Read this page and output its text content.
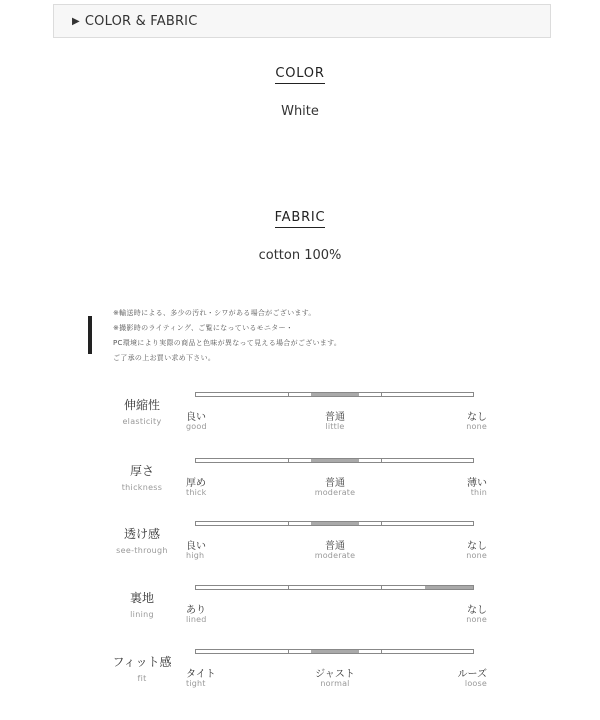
▶ COLOR & FABRIC
COLOR
White
FABRIC
cotton 100%
※輸送時による、多少の汚れ・シワがある場合がございます。
※撮影時のライティング、ご覧になっているモニター・
PC環境により実際の商品と色味が異なって見える場合がございます。
ご了承の上お買い求め下さい。
伸縮性
elasticity	良い
good
普通
little
なし
none
厚さ
thickness	厚め
thick
普通
moderate
薄い
thin
透け感
see-through	良い
high
普通
moderate
なし
none
裏地
lining	あり
lined
なし
none
フィット感
fit	タイト
tight
ジャスト
normal
ルーズ
loose
